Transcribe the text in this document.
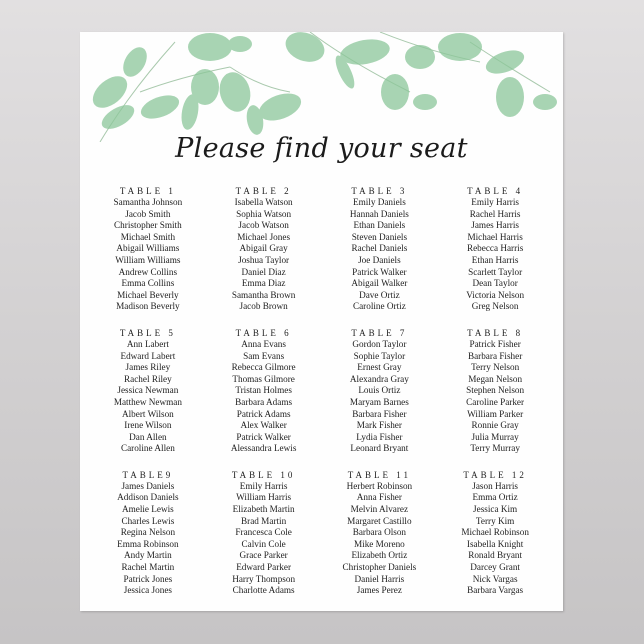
Please find your seat
TABLE 1
Samantha Johnson
Jacob Smith
Christopher Smith
Michael Smith
Abigail Williams
William Williams
Andrew Collins
Emma Collins
Michael Beverly
Madison Beverly
TABLE 2
Isabella Watson
Sophia Watson
Jacob Watson
Michael Jones
Abigail Gray
Joshua Taylor
Daniel Diaz
Emma Diaz
Samantha Brown
Jacob Brown
TABLE 3
Emily Daniels
Hannah Daniels
Ethan Daniels
Steven Daniels
Rachel Daniels
Joe Daniels
Patrick Walker
Abigail Walker
Dave Ortiz
Caroline Ortiz
TABLE 4
Emily Harris
Rachel Harris
James Harris
Michael Harris
Rebecca Harris
Ethan Harris
Scarlett Taylor
Dean Taylor
Victoria Nelson
Greg Nelson
TABLE 5
Ann Labert
Edward Labert
James Riley
Rachel Riley
Jessica Newman
Matthew Newman
Albert Wilson
Irene Wilson
Dan Allen
Caroline Allen
TABLE 6
Anna Evans
Sam Evans
Rebecca Gilmore
Thomas Gilmore
Tristan Holmes
Barbara Adams
Patrick Adams
Alex Walker
Patrick Walker
Alessandra Lewis
TABLE 7
Gordon Taylor
Sophie Taylor
Ernest Gray
Alexandra Gray
Louis Ortiz
Maryam Barnes
Barbara Fisher
Mark Fisher
Lydia Fisher
Leonard Bryant
TABLE 8
Patrick Fisher
Barbara Fisher
Terry Nelson
Megan Nelson
Stephen Nelson
Caroline Parker
William Parker
Ronnie Gray
Julia Murray
Terry Murray
TABLE9
James Daniels
Addison Daniels
Amelie Lewis
Charles Lewis
Regina Nelson
Emma Robinson
Andy Martin
Rachel Martin
Patrick Jones
Jessica Jones
TABLE 10
Emily Harris
William Harris
Elizabeth Martin
Brad Martin
Francesca Cole
Calvin Cole
Grace Parker
Edward Parker
Harry Thompson
Charlotte Adams
TABLE 11
Herbert Robinson
Anna Fisher
Melvin Alvarez
Margaret Castillo
Barbara Olson
Mike Moreno
Elizabeth Ortiz
Christopher Daniels
Daniel Harris
James Perez
TABLE 12
Jason Harris
Emma Ortiz
Jessica Kim
Terry Kim
Michael Robinson
Isabella Knight
Ronald Bryant
Darcey Grant
Nick Vargas
Barbara Vargas
